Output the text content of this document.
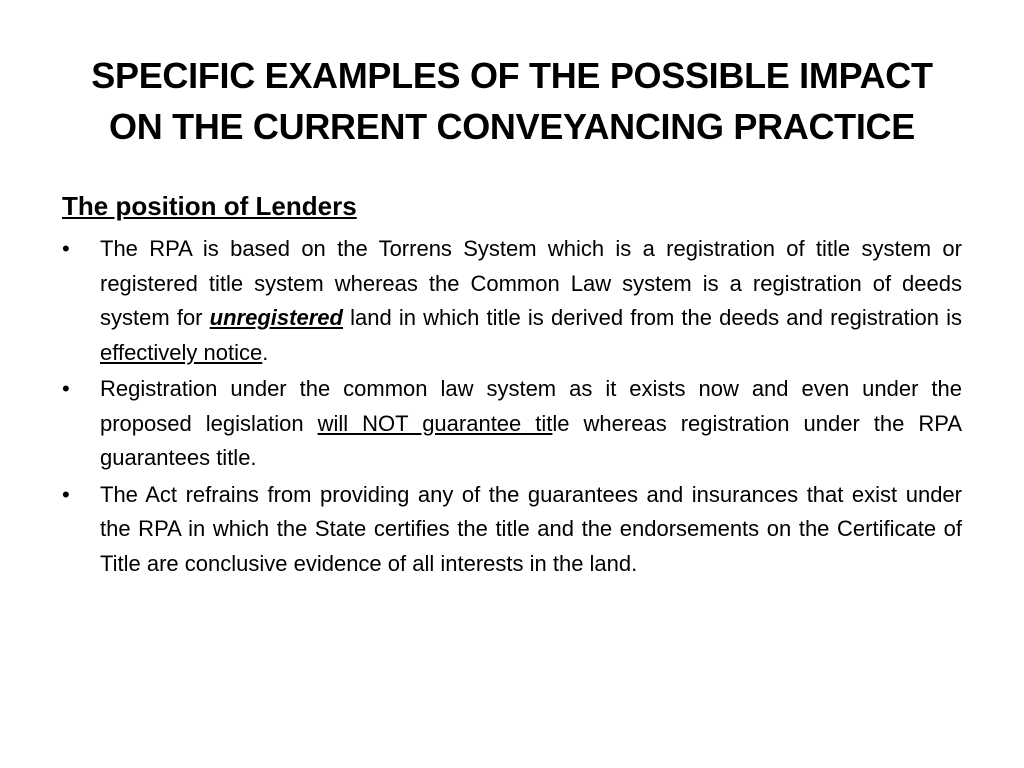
SPECIFIC EXAMPLES OF THE POSSIBLE IMPACT
ON THE CURRENT CONVEYANCING PRACTICE
The position of Lenders
• The RPA is based on the Torrens System which is a registration of title system or registered title system whereas the Common Law system is a registration of deeds system for unregistered land in which title is derived from the deeds and registration is effectively notice.
• Registration under the common law system as it exists now and even under the proposed legislation will NOT guarantee title whereas registration under the RPA guarantees title.
• The Act refrains from providing any of the guarantees and insurances that exist under the RPA in which the State certifies the title and the endorsements on the Certificate of Title are conclusive evidence of all interests in the land.
